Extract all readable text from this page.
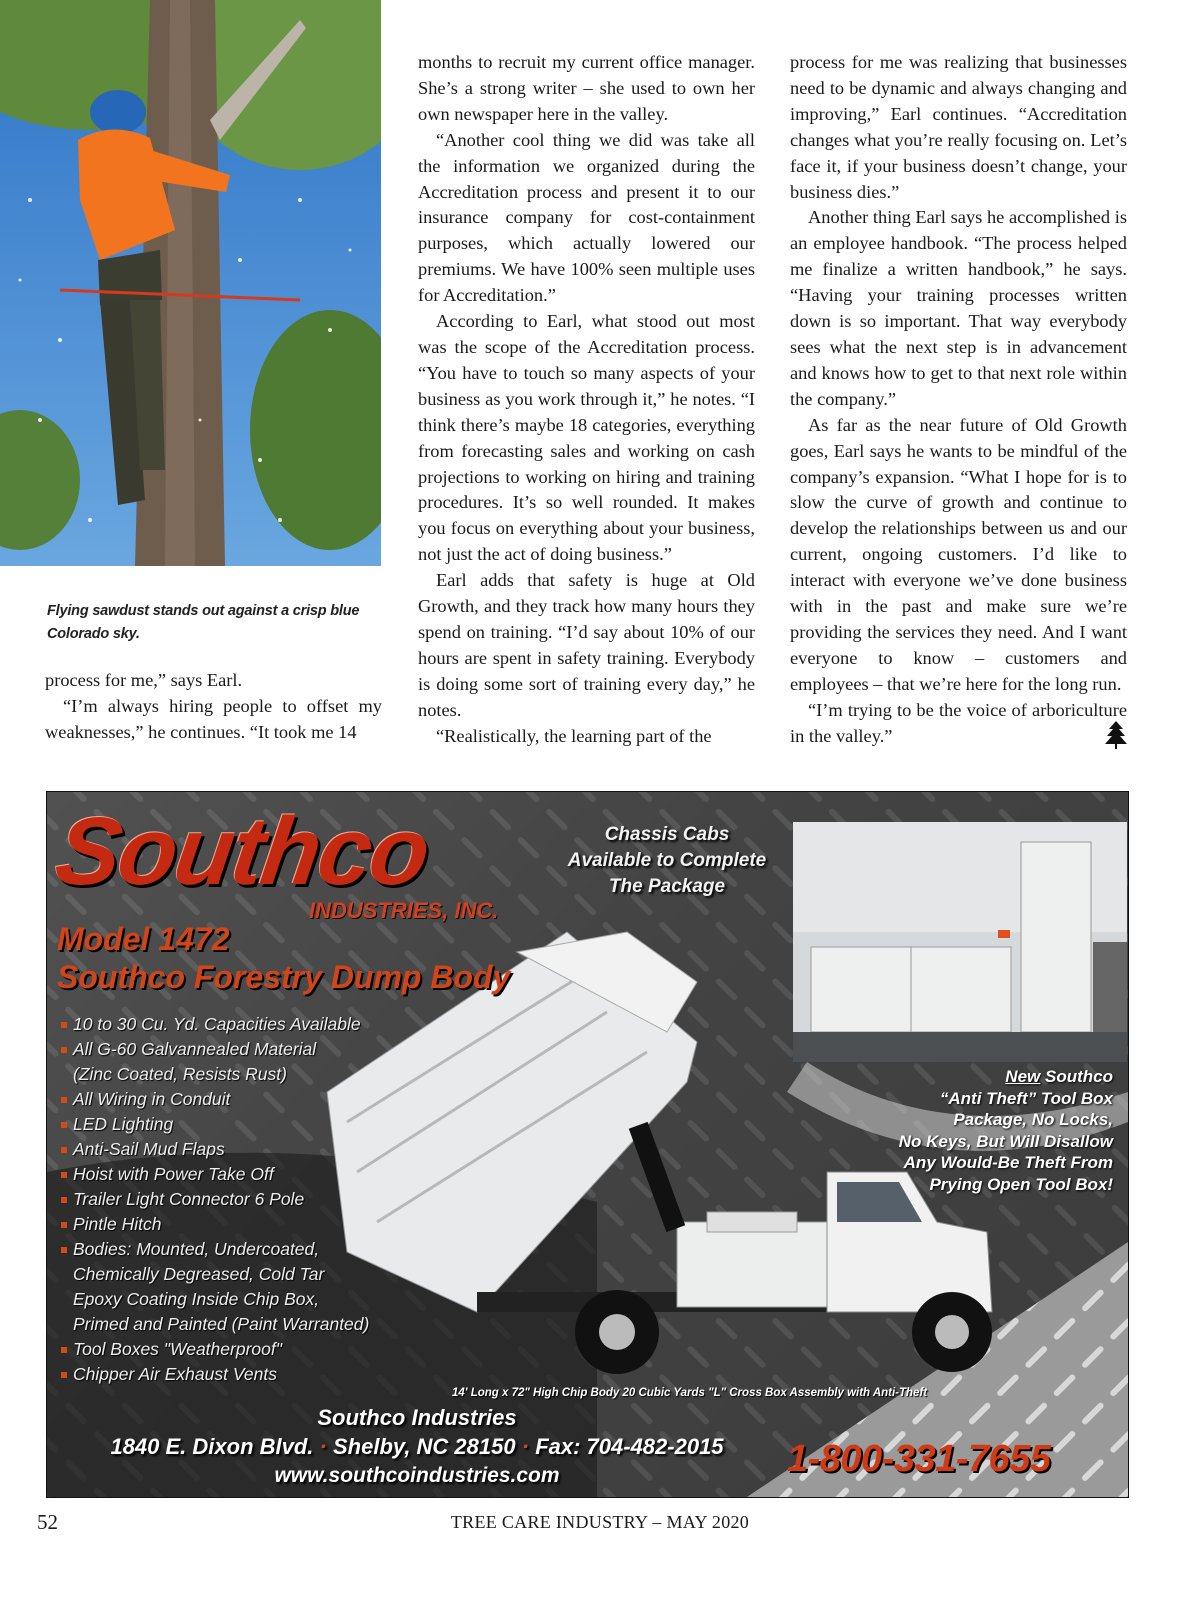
Flying sawdust stands out against a crisp blue Colorado sky.

process for me,” says Earl.

“I’m always hiring people to offset my weaknesses,” he continues. “It took me 14

months to recruit my current office manager. She’s a strong writer – she used to own her own newspaper here in the valley.

“Another cool thing we did was take all the information we organized during the Accreditation process and present it to our insurance company for cost-containment purposes, which actually lowered our premiums. We have 100% seen multiple uses for Accreditation.”

According to Earl, what stood out most was the scope of the Accreditation process. “You have to touch so many aspects of your business as you work through it,” he notes. “I think there’s maybe 18 categories, everything from forecasting sales and working on cash projections to working on hiring and training procedures. It’s so well rounded. It makes you focus on everything about your business, not just the act of doing business.”

Earl adds that safety is huge at Old Growth, and they track how many hours they spend on training. “I’d say about 10% of our hours are spent in safety training. Everybody is doing some sort of training every day,” he notes.

“Realistically, the learning part of the

process for me was realizing that businesses need to be dynamic and always changing and improving,” Earl continues. “Accreditation changes what you’re really focusing on. Let’s face it, if your business doesn’t change, your business dies.”

Another thing Earl says he accomplished is an employee handbook. “The process helped me finalize a written handbook,” he says. “Having your training processes written down is so important. That way everybody sees what the next step is in advancement and knows how to get to that next role within the company.”

As far as the near future of Old Growth goes, Earl says he wants to be mindful of the company’s expansion. “What I hope for is to slow the curve of growth and continue to develop the relationships between us and our current, ongoing customers. I’d like to interact with everyone we’ve done business with in the past and make sure we’re providing the services they need. And I want everyone to know – customers and employees – that we’re here for the long run.

“I’m trying to be the voice of arboriculture in the valley.”

Southco
INDUSTRIES, INC.
Model 1472
Southco Forestry Dump Body
Chassis Cabs
Available to Complete
The Package
10 to 30 Cu. Yd. Capacities Available
All G-60 Galvannealed Material (Zinc Coated, Resists Rust)
All Wiring in Conduit
LED Lighting
Anti-Sail Mud Flaps
Hoist with Power Take Off
Trailer Light Connector 6 Pole
Pintle Hitch
Bodies: Mounted, Undercoated, Chemically Degreased, Cold Tar Epoxy Coating Inside Chip Box, Primed and Painted (Paint Warranted)
Tool Boxes "Weatherproof"
Chipper Air Exhaust Vents
New Southco
“Anti Theft” Tool Box
Package, No Locks,
No Keys, But Will Disallow
Any Would-Be Theft From
Prying Open Tool Box!
14' Long x 72" High Chip Body 20 Cubic Yards "L" Cross Box Assembly with Anti-Theft
Southco Industries
1840 E. Dixon Blvd. · Shelby, NC 28150 · Fax: 704-482-2015
www.southcoindustries.com	1-800-331-7655
52	TREE CARE INDUSTRY – MAY 2020
